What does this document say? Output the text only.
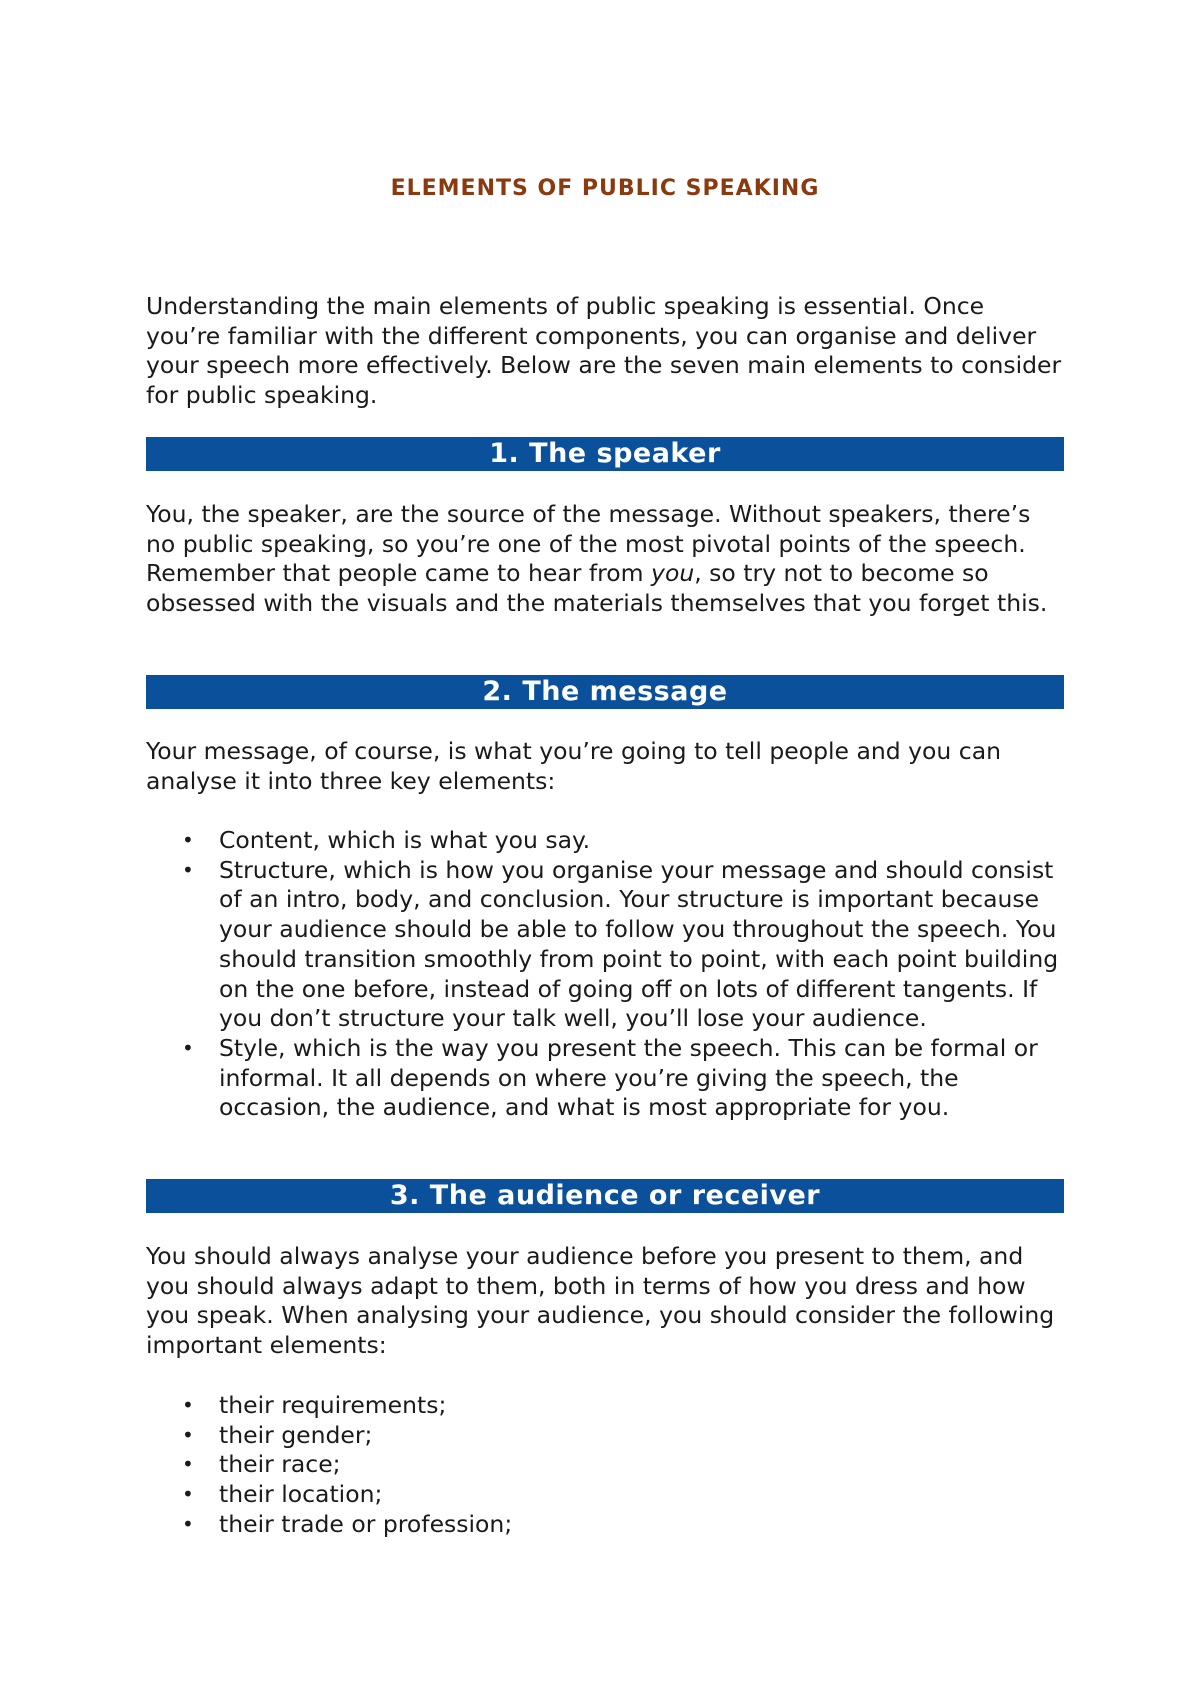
ELEMENTS OF PUBLIC SPEAKING

Understanding the main elements of public speaking is essential. Once you’re familiar with the different components, you can organise and deliver your speech more effectively. Below are the seven main elements to consider for public speaking.

1. The speaker

You, the speaker, are the source of the message. Without speakers, there’s no public speaking, so you’re one of the most pivotal points of the speech. Remember that people came to hear from you, so try not to become so obsessed with the visuals and the materials themselves that you forget this.

2. The message

Your message, of course, is what you’re going to tell people and you can analyse it into three key elements:

• Content, which is what you say.
• Structure, which is how you organise your message and should consist of an intro, body, and conclusion. Your structure is important because your audience should be able to follow you throughout the speech. You should transition smoothly from point to point, with each point building on the one before, instead of going off on lots of different tangents. If you don’t structure your talk well, you’ll lose your audience.
• Style, which is the way you present the speech. This can be formal or informal. It all depends on where you’re giving the speech, the occasion, the audience, and what is most appropriate for you.
3. The audience or receiver

You should always analyse your audience before you present to them, and you should always adapt to them, both in terms of how you dress and how you speak. When analysing your audience, you should consider the following important elements:

• their requirements;
• their gender;
• their race;
• their location;
• their trade or profession;
